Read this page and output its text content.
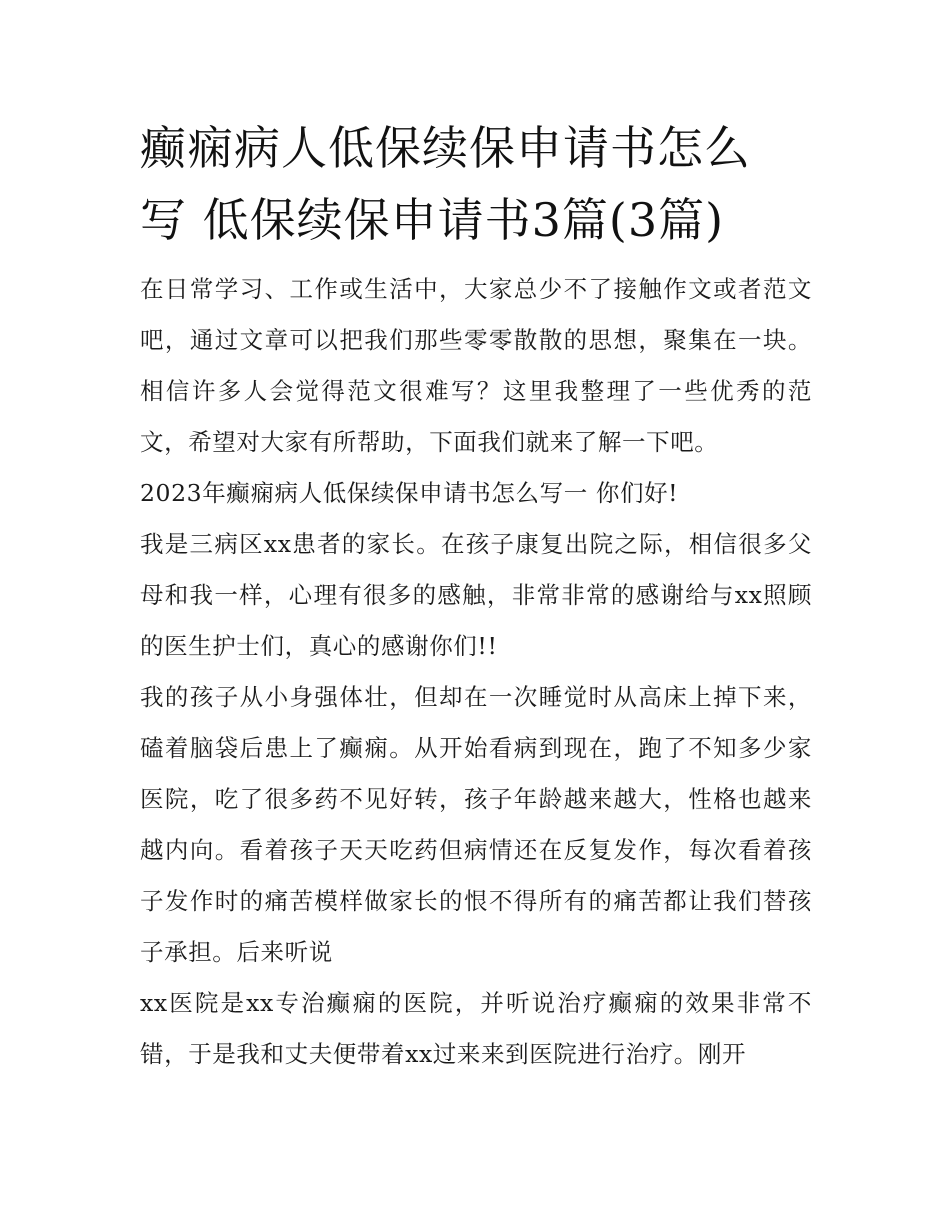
癫痫病人低保续保申请书怎么
写 低保续保申请书3篇(3篇)

在日常学习、工作或生活中，大家总少不了接触作文或者范文吧，通过文章可以把我们那些零零散散的思想，聚集在一块。相信许多人会觉得范文很难写？这里我整理了一些优秀的范文，希望对大家有所帮助，下面我们就来了解一下吧。

2023年癫痫病人低保续保申请书怎么写一 你们好!

我是三病区xx患者的家长。在孩子康复出院之际，相信很多父母和我一样，心理有很多的感触，非常非常的感谢给与xx照顾的医生护士们，真心的感谢你们!!

我的孩子从小身强体壮，但却在一次睡觉时从高床上掉下来，磕着脑袋后患上了癫痫。从开始看病到现在，跑了不知多少家医院，吃了很多药不见好转，孩子年龄越来越大，性格也越来越内向。看着孩子天天吃药但病情还在反复发作，每次看着孩子发作时的痛苦模样做家长的恨不得所有的痛苦都让我们替孩子承担。后来听说

xx医院是xx专治癫痫的医院，并听说治疗癫痫的效果非常不错，于是我和丈夫便带着xx过来来到医院进行治疗。刚开
